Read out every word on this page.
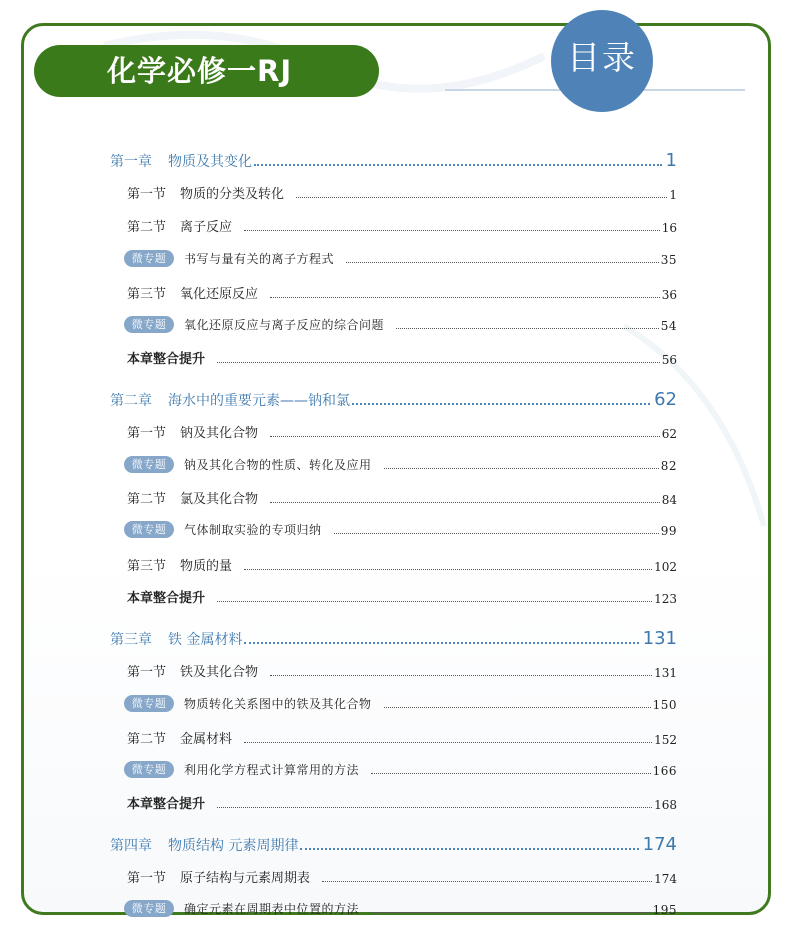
化学必修一RJ	目录
第一章 物质及其变化	1
第一节 物质的分类及转化	1
第二节 离子反应	16
微专题	书写与量有关的离子方程式	35
第三节 氧化还原反应	36
微专题	氧化还原反应与离子反应的综合问题	54
本章整合提升	56
第二章 海水中的重要元素——钠和氯	62
第一节 钠及其化合物	62
微专题	钠及其化合物的性质、转化及应用	82
第二节 氯及其化合物	84
微专题	气体制取实验的专项归纳	99
第三节 物质的量	102
本章整合提升	123
第三章 铁 金属材料	131
第一节 铁及其化合物	131
微专题	物质转化关系图中的铁及其化合物	150
第二节 金属材料	152
微专题	利用化学方程式计算常用的方法	166
本章整合提升	168
第四章 物质结构 元素周期律	174
第一节 原子结构与元素周期表	174
微专题	确定元素在周期表中位置的方法	195
